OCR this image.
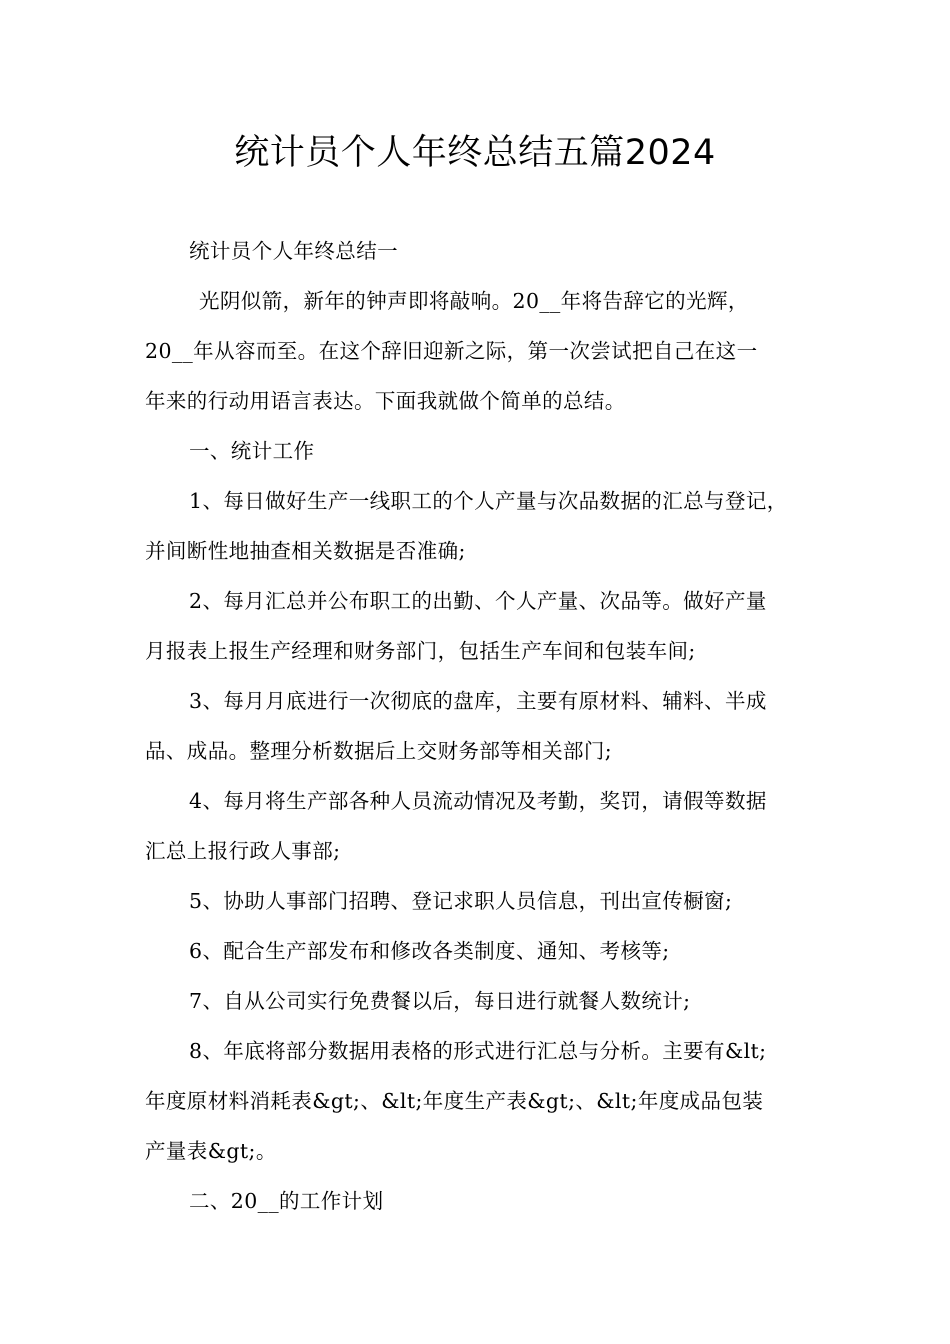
统计员个人年终总结五篇2024
统计员个人年终总结一
光阴似箭，新年的钟声即将敲响。20__年将告辞它的光辉，
20__年从容而至。在这个辞旧迎新之际，第一次尝试把自己在这一
年来的行动用语言表达。下面我就做个简单的总结。
一、统计工作
1、每日做好生产一线职工的个人产量与次品数据的汇总与登记，
并间断性地抽查相关数据是否准确;
2、每月汇总并公布职工的出勤、个人产量、次品等。做好产量
月报表上报生产经理和财务部门，包括生产车间和包装车间;
3、每月月底进行一次彻底的盘库，主要有原材料、辅料、半成
品、成品。整理分析数据后上交财务部等相关部门;
4、每月将生产部各种人员流动情况及考勤，奖罚，请假等数据
汇总上报行政人事部;
5、协助人事部门招聘、登记求职人员信息，刊出宣传橱窗;
6、配合生产部发布和修改各类制度、通知、考核等;
7、自从公司实行免费餐以后，每日进行就餐人数统计;
8、年底将部分数据用表格的形式进行汇总与分析。主要有&lt;
年度原材料消耗表&gt;、&lt;年度生产表&gt;、&lt;年度成品包装
产量表&gt;。
二、20__的工作计划
